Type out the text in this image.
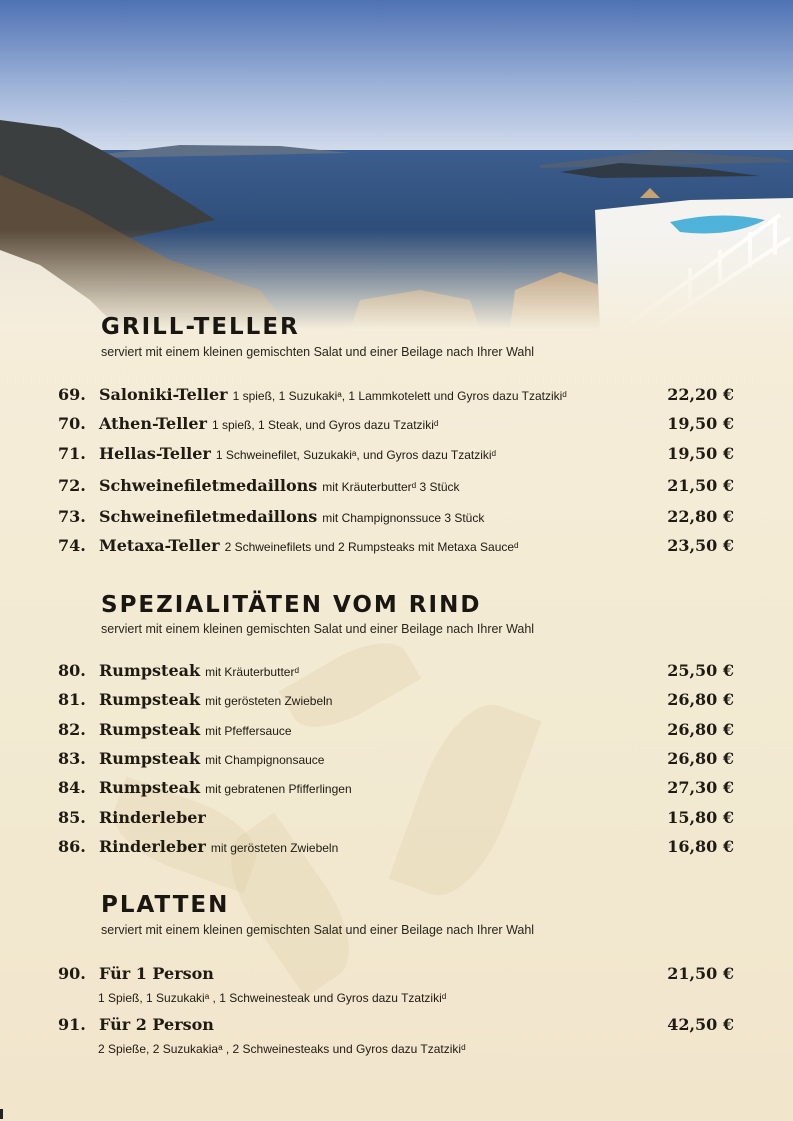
GRILL-TELLER
serviert mit einem kleinen gemischten Salat und einer Beilage nach Ihrer Wahl
69. Saloniki-Teller 1 spieß, 1 Suzukakiᵃ, 1 Lammkotelett und Gyros dazu Tzatzikiᵈ	22,20 €
70. Athen-Teller 1 spieß, 1 Steak, und Gyros dazu Tzatzikiᵈ	19,50 €
71. Hellas-Teller 1 Schweinefilet, Suzukakiᵃ, und Gyros dazu Tzatzikiᵈ	19,50 €
72. Schweinefiletmedaillons mit Kräuterbutterᵈ 3 Stück	21,50 €
73. Schweinefiletmedaillons mit Champignonssuce 3 Stück	22,80 €
74. Metaxa-Teller 2 Schweinefilets und 2 Rumpsteaks mit Metaxa Sauceᵈ	23,50 €
SPEZIALITÄTEN VOM RIND
serviert mit einem kleinen gemischten Salat und einer Beilage nach Ihrer Wahl
80. Rumpsteak mit Kräuterbutterᵈ	25,50 €
81. Rumpsteak mit gerösteten Zwiebeln	26,80 €
82. Rumpsteak mit Pfeffersauce	26,80 €
83. Rumpsteak mit Champignonsauce	26,80 €
84. Rumpsteak mit gebratenen Pfifferlingen	27,30 €
85. Rinderleber	15,80 €
86. Rinderleber mit gerösteten Zwiebeln	16,80 €
PLATTEN
serviert mit einem kleinen gemischten Salat und einer Beilage nach Ihrer Wahl
90. Für 1 Person	21,50 €
1 Spieß, 1 Suzukakiᵃ , 1 Schweinesteak und Gyros dazu Tzatzikiᵈ
91. Für 2 Person	42,50 €
2 Spieße, 2 Suzukakiaᵃ , 2 Schweinesteaks und Gyros dazu Tzatzikiᵈ
